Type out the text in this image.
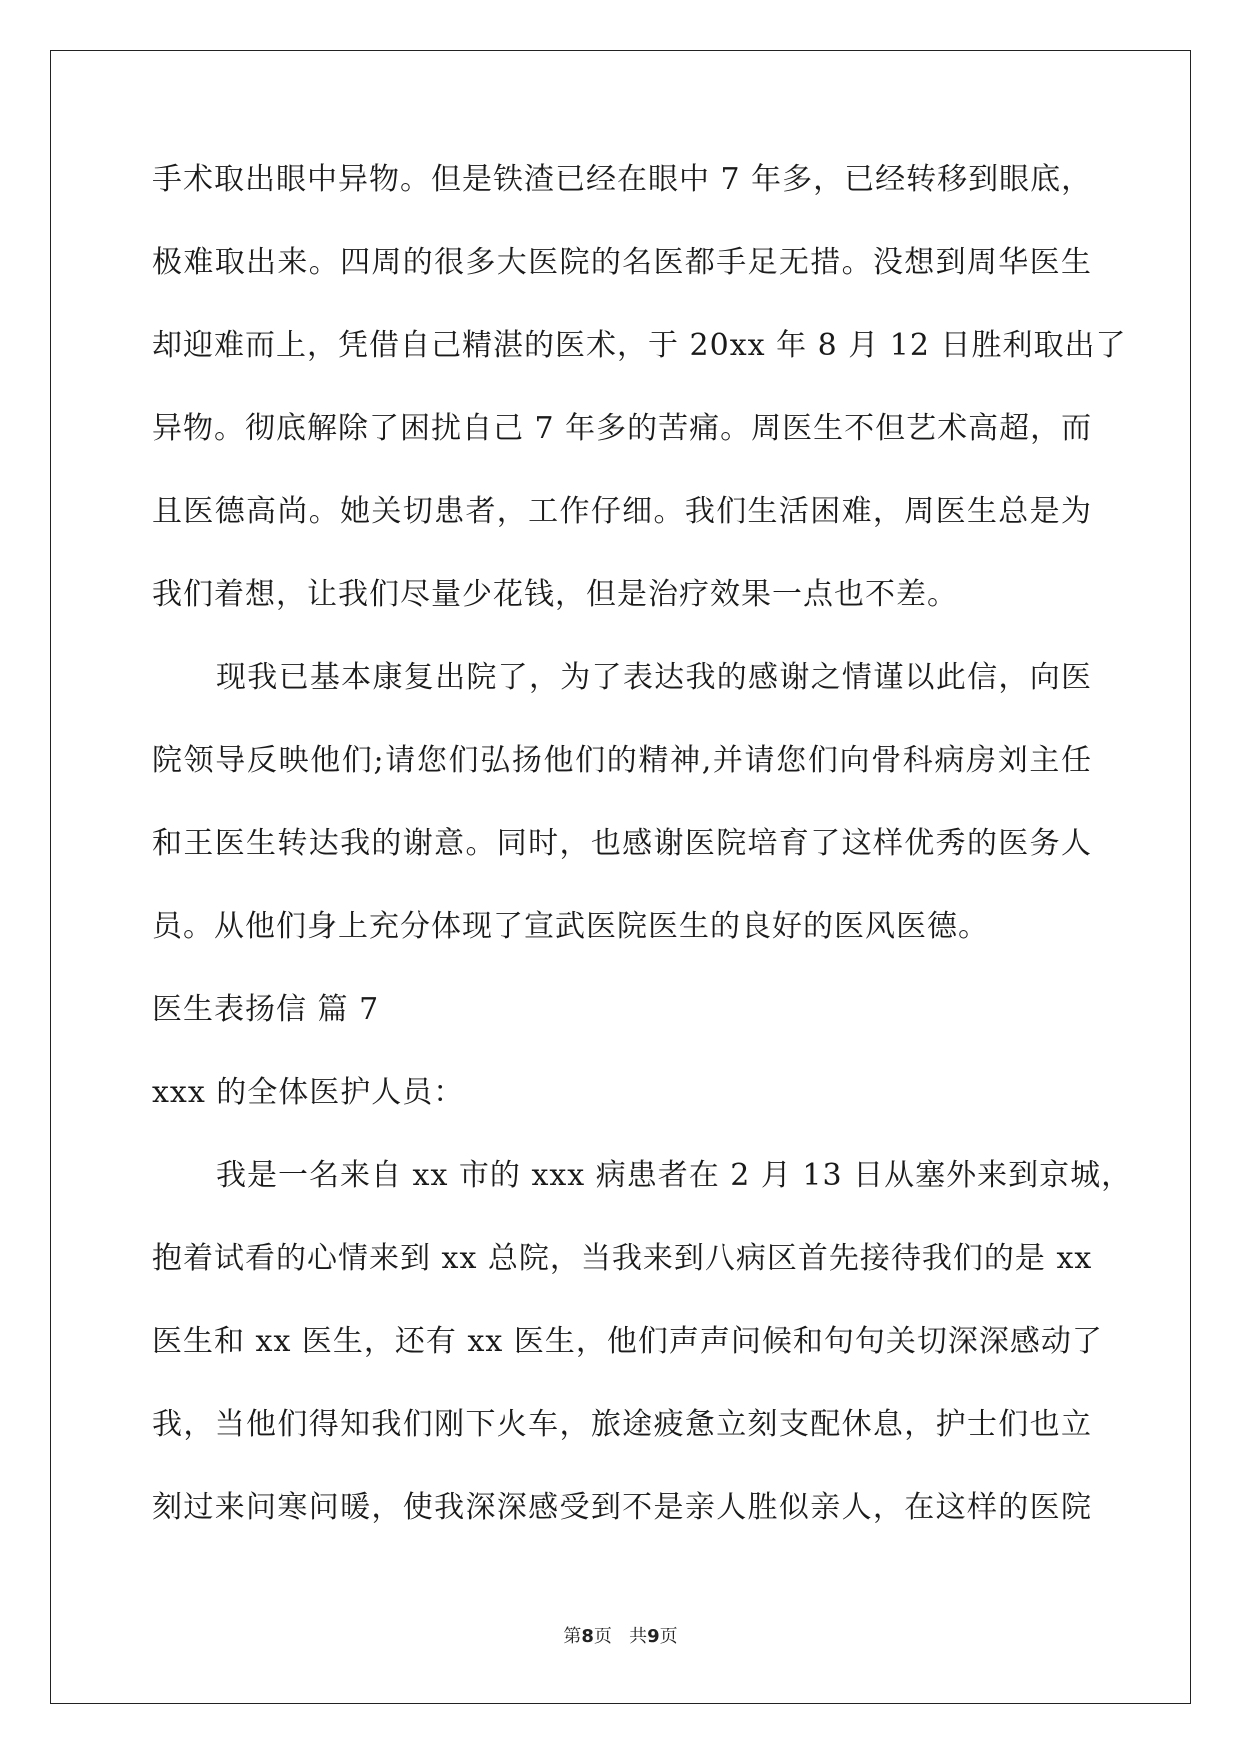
手术取出眼中异物。但是铁渣已经在眼中 7 年多，已经转移到眼底，
极难取出来。四周的很多大医院的名医都手足无措。没想到周华医生
却迎难而上，凭借自己精湛的医术，于 20xx 年 8 月 12 日胜利取出了
异物。彻底解除了困扰自己 7 年多的苦痛。周医生不但艺术高超，而
且医德高尚。她关切患者，工作仔细。我们生活困难，周医生总是为
我们着想，让我们尽量少花钱，但是治疗效果一点也不差。
现我已基本康复出院了，为了表达我的感谢之情谨以此信，向医
院领导反映他们;请您们弘扬他们的精神,并请您们向骨科病房刘主任
和王医生转达我的谢意。同时，也感谢医院培育了这样优秀的医务人
员。从他们身上充分体现了宣武医院医生的良好的医风医德。
医生表扬信 篇 7
xxx 的全体医护人员：
我是一名来自 xx 市的 xxx 病患者在 2 月 13 日从塞外来到京城，
抱着试看的心情来到 xx 总院，当我来到八病区首先接待我们的是 xx
医生和 xx 医生，还有 xx 医生，他们声声问候和句句关切深深感动了
我，当他们得知我们刚下火车，旅途疲惫立刻支配休息，护士们也立
刻过来问寒问暖，使我深深感受到不是亲人胜似亲人，在这样的医院
第8页 共9页
